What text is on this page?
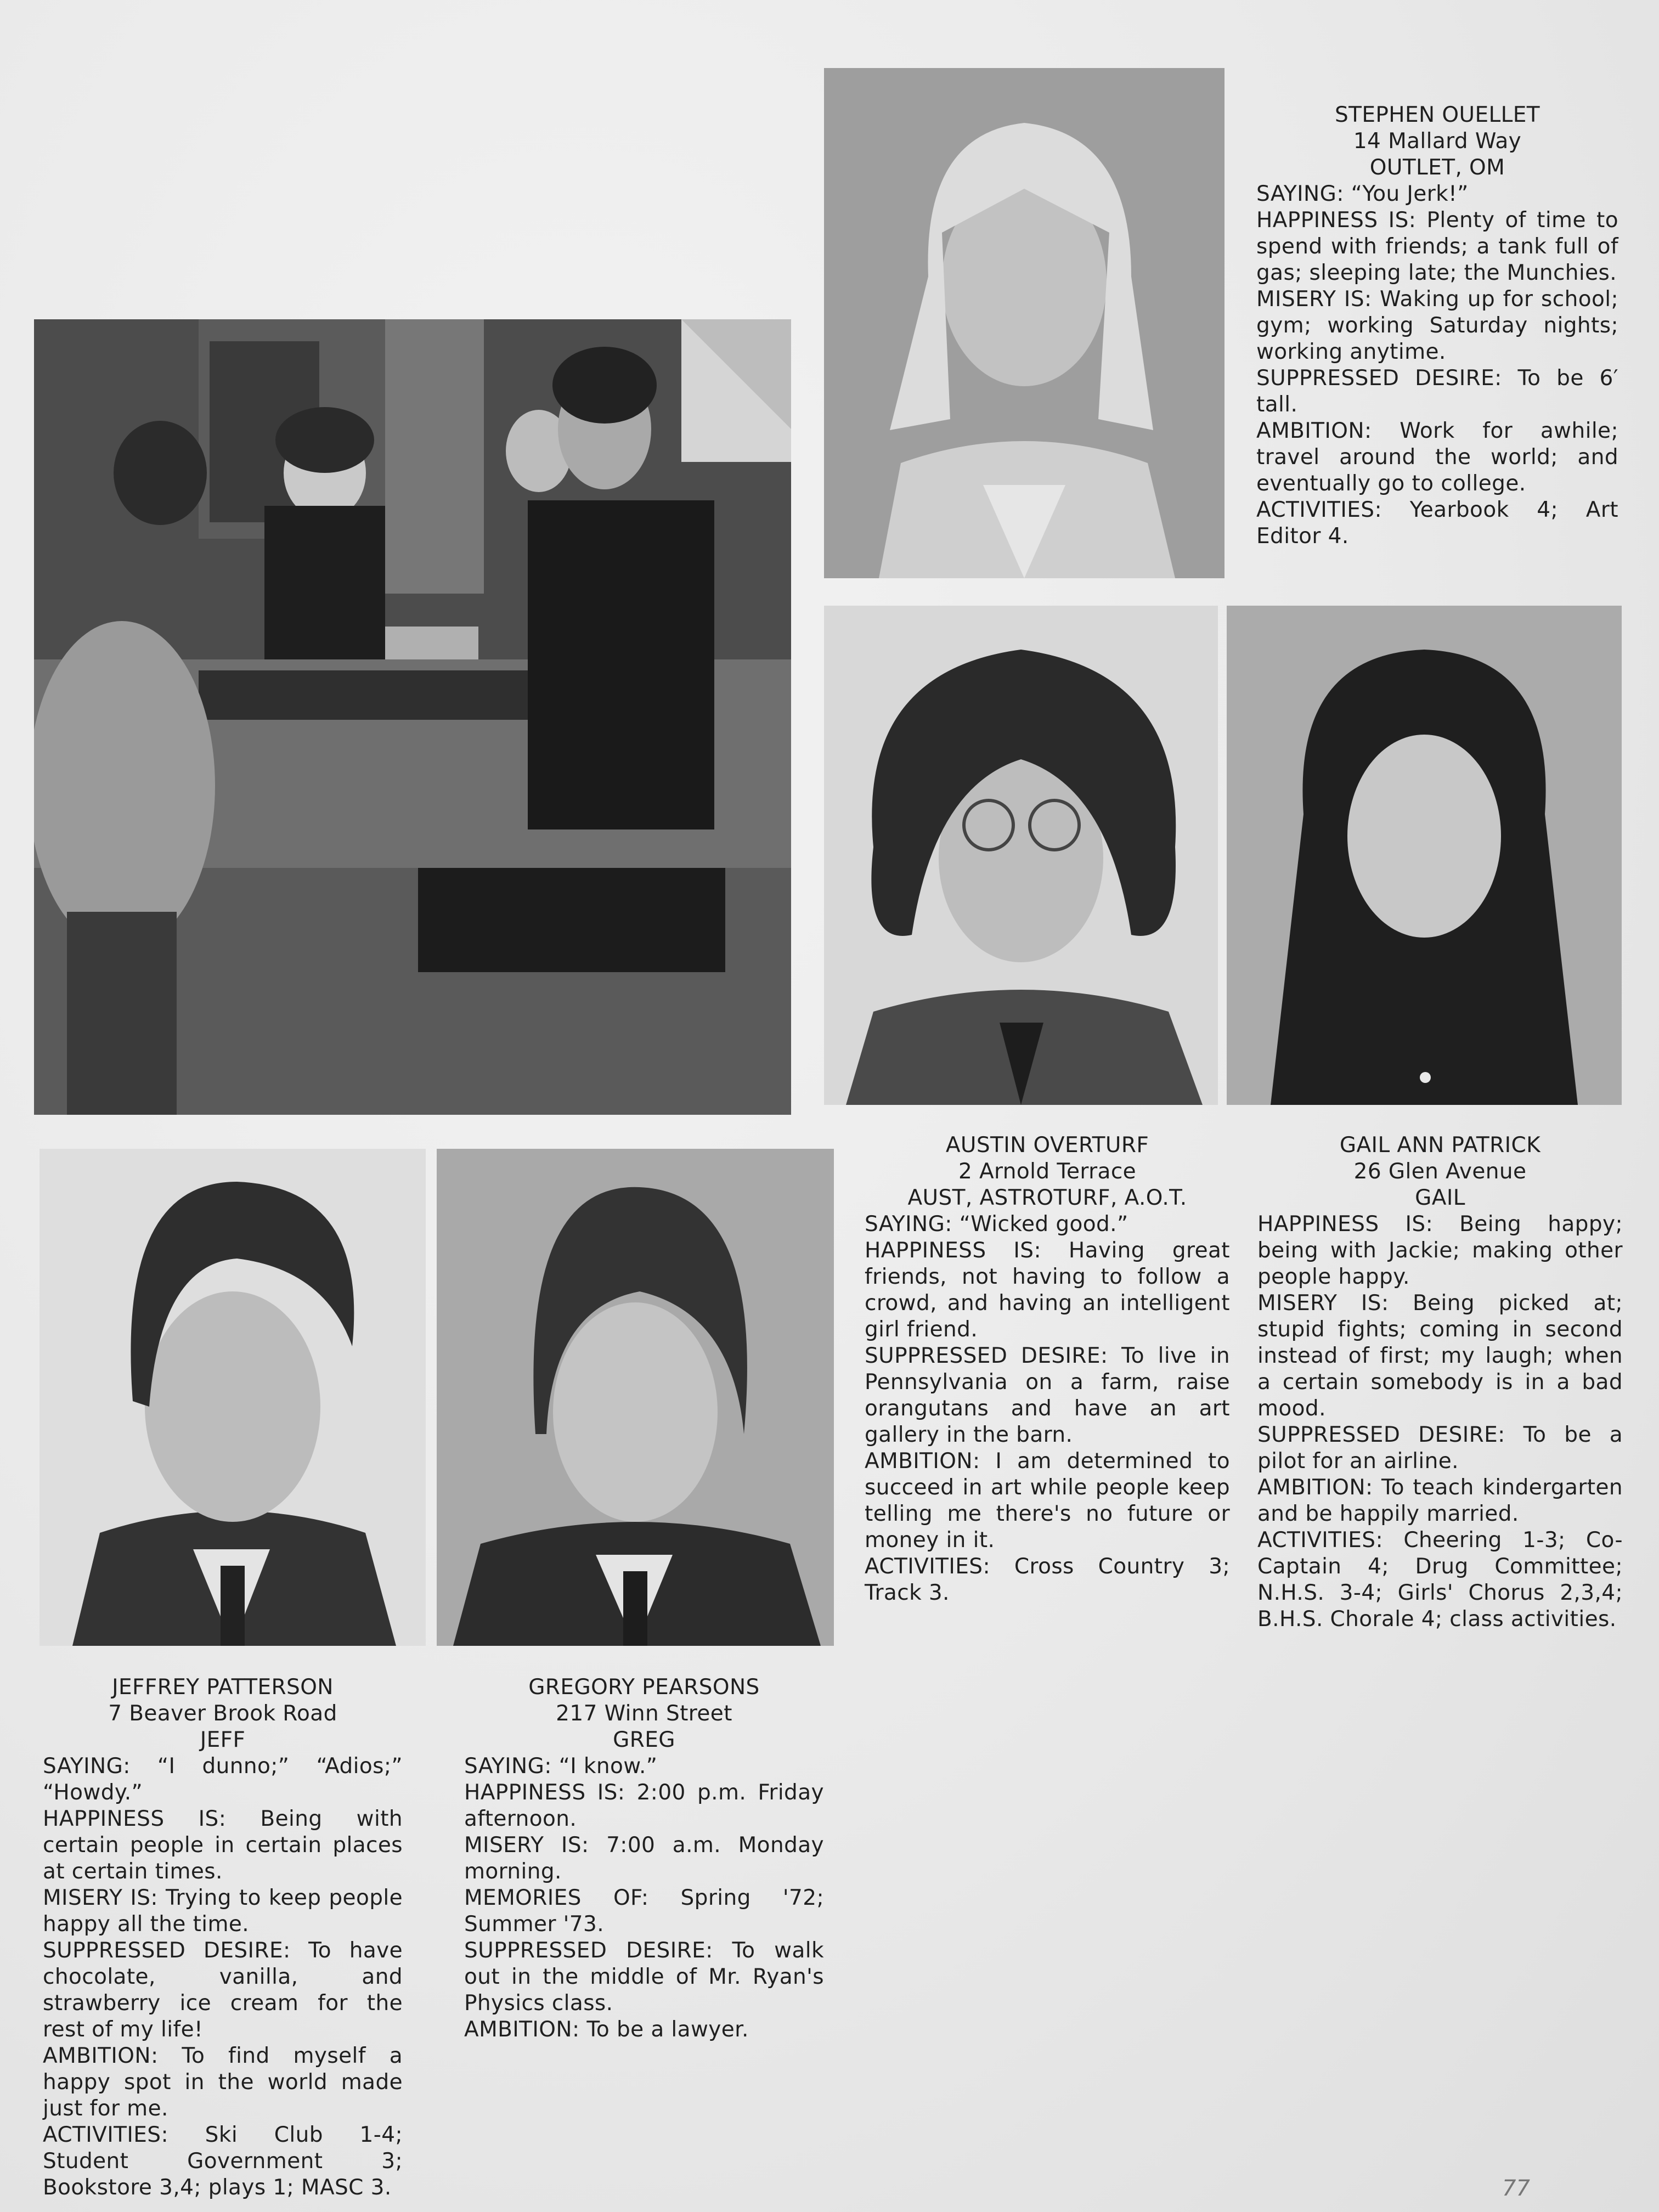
STEPHEN OUELLET
14 Mallard Way
OUTLET, OM
SAYING: “You Jerk!”
HAPPINESS IS: Plenty of time to spend with friends; a tank full of gas; sleeping late; the Munchies.
MISERY IS: Waking up for school; gym; working Saturday nights; working anytime.
SUPPRESSED DESIRE: To be 6′ tall.
AMBITION: Work for awhile; travel around the world; and eventually go to college.
ACTIVITIES: Yearbook 4; Art Editor 4.
AUSTIN OVERTURF
2 Arnold Terrace
AUST, ASTROTURF, A.O.T.
SAYING: “Wicked good.”
HAPPINESS IS: Having great friends, not having to follow a crowd, and having an intelligent girl friend.
SUPPRESSED DESIRE: To live in Pennsylvania on a farm, raise orangutans and have an art gallery in the barn.
AMBITION: I am determined to succeed in art while people keep telling me there's no future or money in it.
ACTIVITIES: Cross Country 3; Track 3.
GAIL ANN PATRICK
26 Glen Avenue
GAIL
HAPPINESS IS: Being happy; being with Jackie; making other people happy.
MISERY IS: Being picked at; stupid fights; coming in second instead of first; my laugh; when a certain somebody is in a bad mood.
SUPPRESSED DESIRE: To be a pilot for an airline.
AMBITION: To teach kindergarten and be happily married.
ACTIVITIES: Cheering 1-3; Co-Captain 4; Drug Committee; N.H.S. 3-4; Girls' Chorus 2,3,4; B.H.S. Chorale 4; class activities.
JEFFREY PATTERSON
7 Beaver Brook Road
JEFF
SAYING: “I dunno;” “Adios;” “Howdy.”
HAPPINESS IS: Being with certain people in certain places at certain times.
MISERY IS: Trying to keep people happy all the time.
SUPPRESSED DESIRE: To have chocolate, vanilla, and strawberry ice cream for the rest of my life!
AMBITION: To find myself a happy spot in the world made just for me.
ACTIVITIES: Ski Club 1-4; Student Government 3; Bookstore 3,4; plays 1; MASC 3.
GREGORY PEARSONS
217 Winn Street
GREG
SAYING: “I know.”
HAPPINESS IS: 2:00 p.m. Friday afternoon.
MISERY IS: 7:00 a.m. Monday morning.
MEMORIES OF: Spring '72; Summer '73.
SUPPRESSED DESIRE: To walk out in the middle of Mr. Ryan's Physics class.
AMBITION: To be a lawyer.
77
